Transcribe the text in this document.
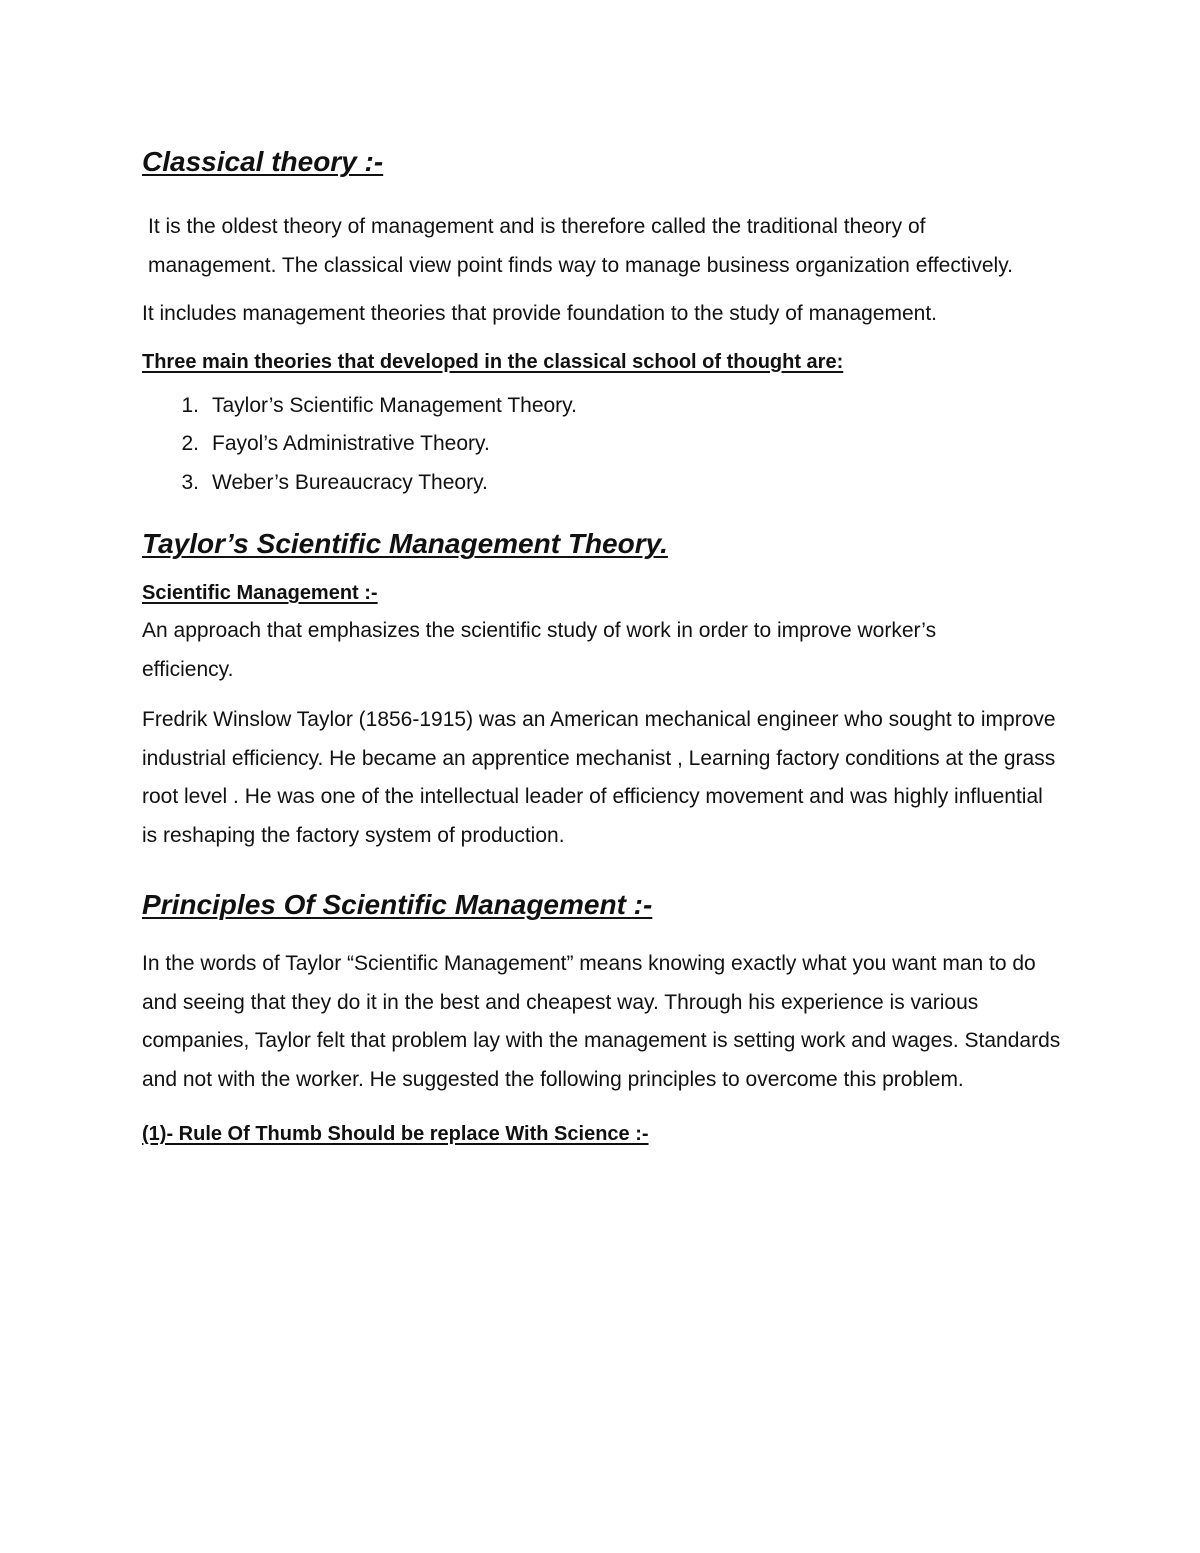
Classical theory :-

It is the oldest theory of management and is therefore called the traditional theory of management. The classical view point finds way to manage business organization effectively.

It includes management theories that provide foundation to the study of management.

Three main theories that developed in the classical school of thought are:
1. Taylor’s Scientific Management Theory.
2. Fayol’s Administrative Theory.
3. Weber’s Bureaucracy Theory.
Taylor’s Scientific Management Theory.
Scientific Management :-

An approach that emphasizes the scientific study of work in order to improve worker’s efficiency.

Fredrik Winslow Taylor (1856-1915) was an American mechanical engineer who sought to improve industrial efficiency. He became an apprentice mechanist , Learning factory conditions at the grass root level . He was one of the intellectual leader of efficiency movement and was highly influential is reshaping the factory system of production.

Principles Of Scientific Management :-

In the words of Taylor “Scientific Management” means knowing exactly what you want man to do and seeing that they do it in the best and cheapest way. Through his experience is various companies, Taylor felt that problem lay with the management is setting work and wages. Standards and not with the worker. He suggested the following principles to overcome this problem.

(1)- Rule Of Thumb Should be replace With Science :-
